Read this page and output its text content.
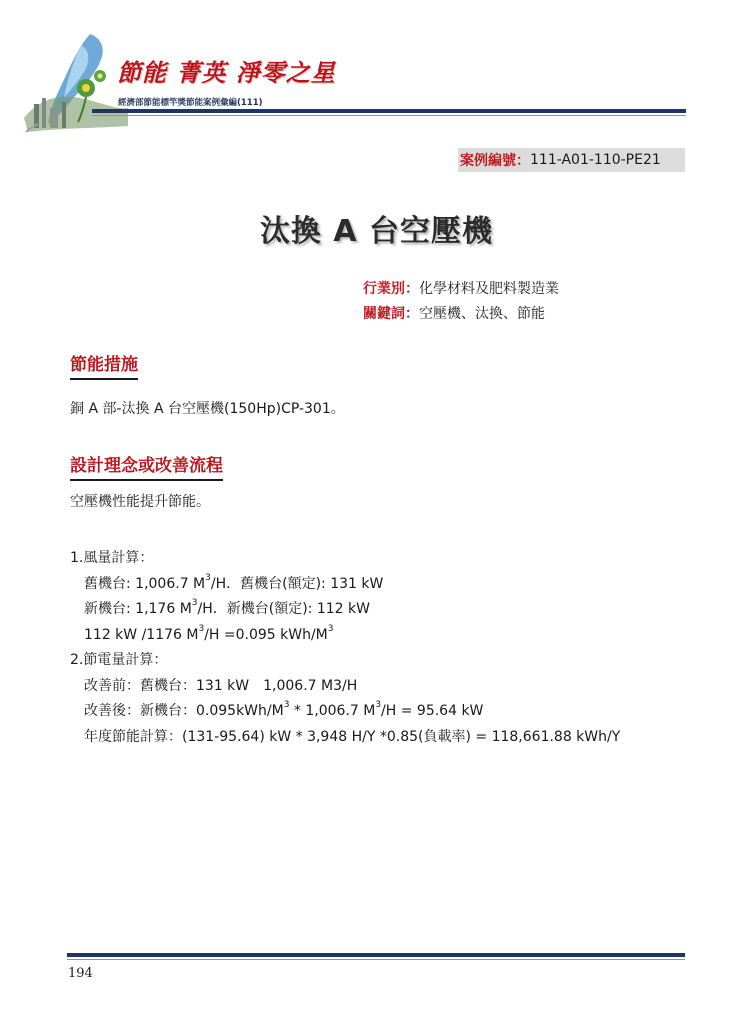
節能 菁英 淨零之星
經濟部節能標竿獎節能案例彙編(111)
案例編號： 111-A01-110-PE21
汰換 A 台空壓機
行業別：化學材料及肥料製造業
關鍵詞：空壓機、汰換、節能
節能措施
銅 A 部-汰換 A 台空壓機(150Hp)CP-301。
設計理念或改善流程
空壓機性能提升節能。
1.風量計算：
舊機台: 1,006.7 $M^3/H$．舊機台(額定): 131 kW
新機台: 1,176 $M^3/H$．新機台(額定): 112 kW
112 kW /1176 $M^3/H =0.095$ kWh/$M^3$
2.節電量計算：
改善前：舊機台：131 kW　1,006.7 M3/H
改善後：新機台：$0.095kWh/M^3 * 1,006.7$ $M^3/H = 95.64$ kW
年度節能計算：(131-95.64) kW * 3,948 H/Y *0.85(負載率) = 118,661.88 kWh/Y
194
